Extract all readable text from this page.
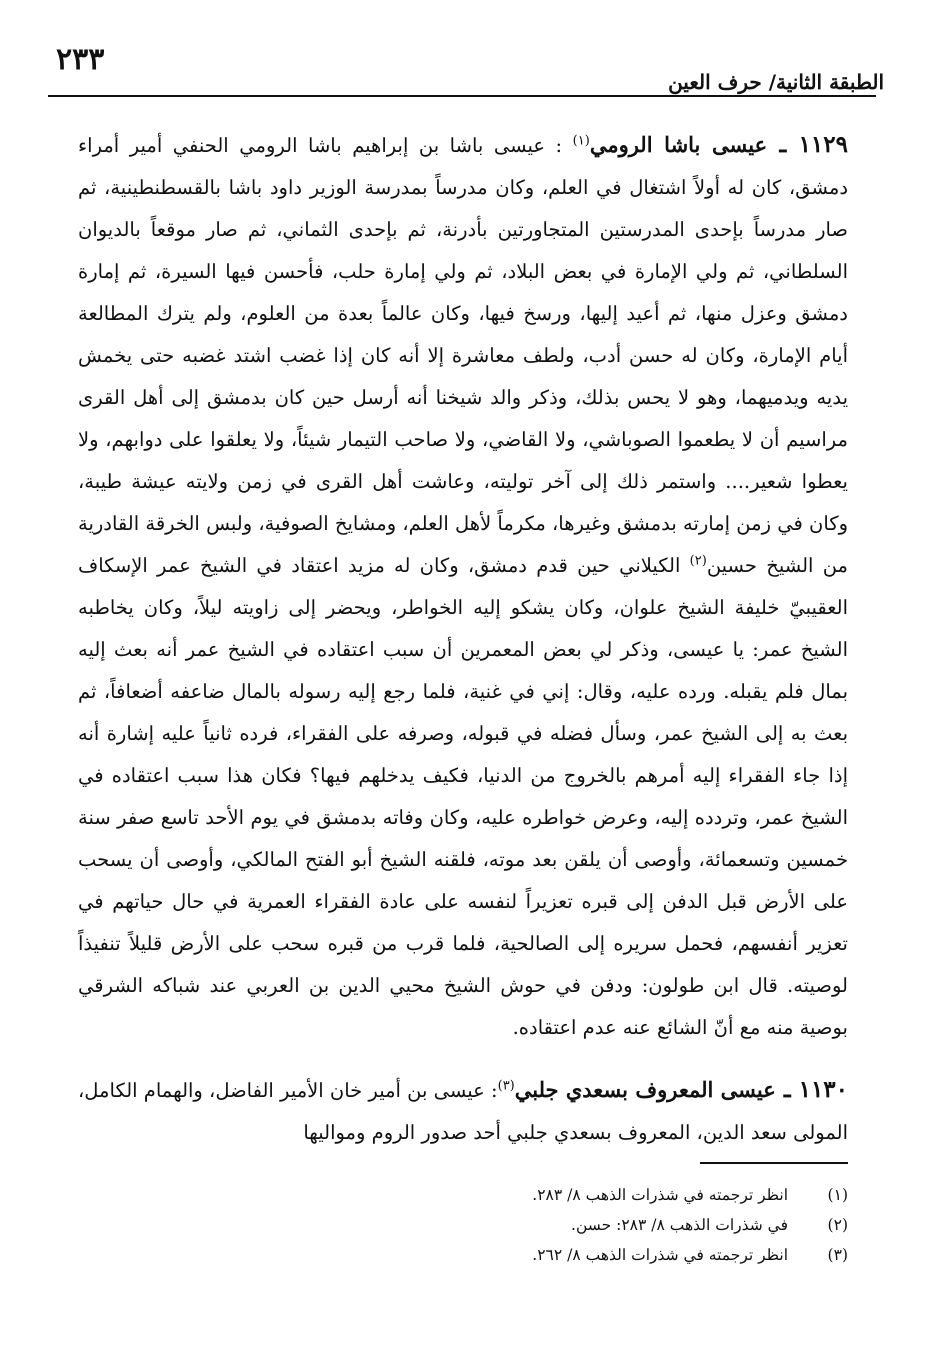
٢٣٣
الطبقة الثانية/ حرف العين

١١٢٩ ـ عيسى باشا الرومي$^{(١)}$ : عيسى باشا بن إبراهيم باشا الرومي الحنفي أمير أمراء دمشق، كان له أولاً اشتغال في العلم، وكان مدرساً بمدرسة الوزير داود باشا بالقسطنطينية، ثم صار مدرساً بإحدى المدرستين المتجاورتين بأدرنة، ثم بإحدى الثماني، ثم صار موقعاً بالديوان السلطاني، ثم ولي الإمارة في بعض البلاد، ثم ولي إمارة حلب، فأحسن فيها السيرة، ثم إمارة دمشق وعزل منها، ثم أعيد إليها، ورسخ فيها، وكان عالماً بعدة من العلوم، ولم يترك المطالعة أيام الإمارة، وكان له حسن أدب، ولطف معاشرة إلا أنه كان إذا غضب اشتد غضبه حتى يخمش يديه ويدميهما، وهو لا يحس بذلك، وذكر والد شيخنا أنه أرسل حين كان بدمشق إلى أهل القرى مراسيم أن لا يطعموا الصوباشي، ولا القاضي، ولا صاحب التيمار شيئاً، ولا يعلقوا على دوابهم، ولا يعطوا شعير.... واستمر ذلك إلى آخر توليته، وعاشت أهل القرى في زمن ولايته عيشة طيبة، وكان في زمن إمارته بدمشق وغيرها، مكرماً لأهل العلم، ومشايخ الصوفية، ولبس الخرقة القادرية من الشيخ حسين$^{(٢)}$ الكيلاني حين قدم دمشق، وكان له مزيد اعتقاد في الشيخ عمر الإسكاف العقيبيّ خليفة الشيخ علوان، وكان يشكو إليه الخواطر، ويحضر إلى زاويته ليلاً، وكان يخاطبه الشيخ عمر: يا عيسى، وذكر لي بعض المعمرين أن سبب اعتقاده في الشيخ عمر أنه بعث إليه بمال فلم يقبله. ورده عليه، وقال: إني في غنية، فلما رجع إليه رسوله بالمال ضاعفه أضعافاً، ثم بعث به إلى الشيخ عمر، وسأل فضله في قبوله، وصرفه على الفقراء، فرده ثانياً عليه إشارة أنه إذا جاء الفقراء إليه أمرهم بالخروج من الدنيا، فكيف يدخلهم فيها؟ فكان هذا سبب اعتقاده في الشيخ عمر، وتردده إليه، وعرض خواطره عليه، وكان وفاته بدمشق في يوم الأحد تاسع صفر سنة خمسين وتسعمائة، وأوصى أن يلقن بعد موته، فلقنه الشيخ أبو الفتح المالكي، وأوصى أن يسحب على الأرض قبل الدفن إلى قبره تعزيراً لنفسه على عادة الفقراء العمرية في حال حياتهم في تعزير أنفسهم، فحمل سريره إلى الصالحية، فلما قرب من قبره سحب على الأرض قليلاً تنفيذاً لوصيته. قال ابن طولون: ودفن في حوش الشيخ محيي الدين بن العربي عند شباكه الشرقي بوصية منه مع أنّ الشائع عنه عدم اعتقاده.

١١٣٠ ـ عيسى المعروف بسعدي جلبي$^{(٣)}$: عيسى بن أمير خان الأمير الفاضل، والهمام الكامل، المولى سعد الدين، المعروف بسعدي جلبي أحد صدور الروم ومواليها

(١)
انظر ترجمته في شذرات الذهب ٨/ ٢٨٣.
(٢)
في شذرات الذهب ٨/ ٢٨٣: حسن.
(٣)
انظر ترجمته في شذرات الذهب ٨/ ٢٦٢.
